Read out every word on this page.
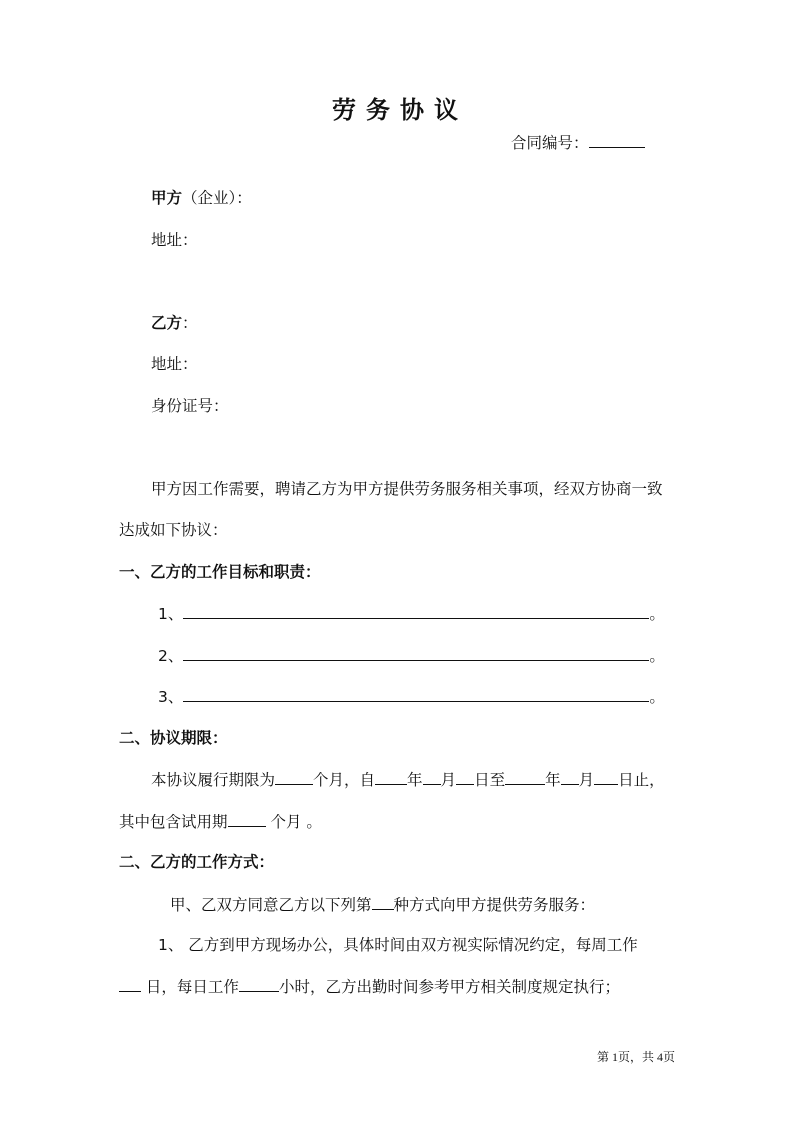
劳务协议
合同编号：
甲方（企业）：
地址：
乙方：
地址：
身份证号：
甲方因工作需要，聘请乙方为甲方提供劳务服务相关事项，经双方协商一致
达成如下协议：
一、乙方的工作目标和职责：
1、	。
2、	。
3、	。
二、协议期限：
本协议履行期限为 个月，自 年 月 日至	年 月 日止，
其中包含试用期 个月 。
二、乙方的工作方式：
甲、乙双方同意乙方以下列第 种方式向甲方提供劳务服务：
1、 乙方到甲方现场办公，具体时间由双方视实际情况约定，每周工作
日，每日工作	小时，乙方出勤时间参考甲方相关制度规定执行；
第 1页，共 4页
